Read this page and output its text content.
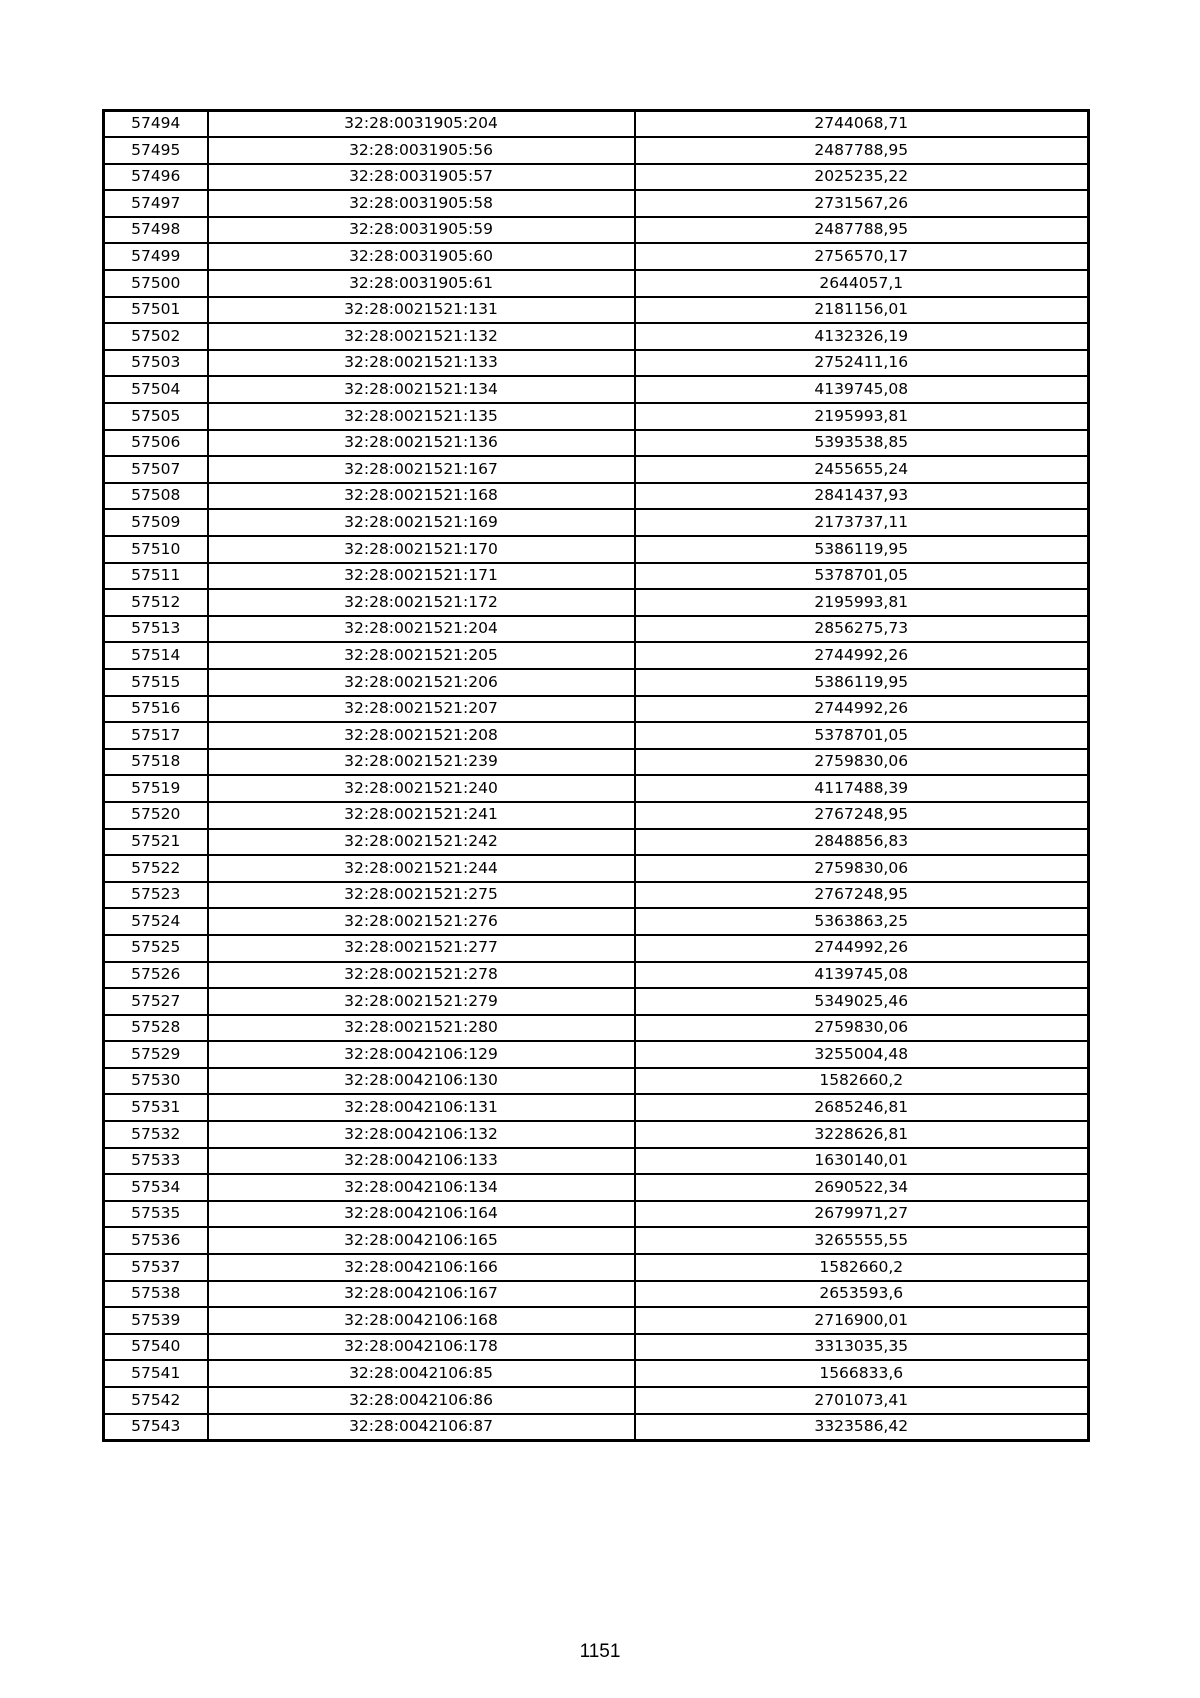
57494	32:28:0031905:204	2744068,71
57495	32:28:0031905:56	2487788,95
57496	32:28:0031905:57	2025235,22
57497	32:28:0031905:58	2731567,26
57498	32:28:0031905:59	2487788,95
57499	32:28:0031905:60	2756570,17
57500	32:28:0031905:61	2644057,1
57501	32:28:0021521:131	2181156,01
57502	32:28:0021521:132	4132326,19
57503	32:28:0021521:133	2752411,16
57504	32:28:0021521:134	4139745,08
57505	32:28:0021521:135	2195993,81
57506	32:28:0021521:136	5393538,85
57507	32:28:0021521:167	2455655,24
57508	32:28:0021521:168	2841437,93
57509	32:28:0021521:169	2173737,11
57510	32:28:0021521:170	5386119,95
57511	32:28:0021521:171	5378701,05
57512	32:28:0021521:172	2195993,81
57513	32:28:0021521:204	2856275,73
57514	32:28:0021521:205	2744992,26
57515	32:28:0021521:206	5386119,95
57516	32:28:0021521:207	2744992,26
57517	32:28:0021521:208	5378701,05
57518	32:28:0021521:239	2759830,06
57519	32:28:0021521:240	4117488,39
57520	32:28:0021521:241	2767248,95
57521	32:28:0021521:242	2848856,83
57522	32:28:0021521:244	2759830,06
57523	32:28:0021521:275	2767248,95
57524	32:28:0021521:276	5363863,25
57525	32:28:0021521:277	2744992,26
57526	32:28:0021521:278	4139745,08
57527	32:28:0021521:279	5349025,46
57528	32:28:0021521:280	2759830,06
57529	32:28:0042106:129	3255004,48
57530	32:28:0042106:130	1582660,2
57531	32:28:0042106:131	2685246,81
57532	32:28:0042106:132	3228626,81
57533	32:28:0042106:133	1630140,01
57534	32:28:0042106:134	2690522,34
57535	32:28:0042106:164	2679971,27
57536	32:28:0042106:165	3265555,55
57537	32:28:0042106:166	1582660,2
57538	32:28:0042106:167	2653593,6
57539	32:28:0042106:168	2716900,01
57540	32:28:0042106:178	3313035,35
57541	32:28:0042106:85	1566833,6
57542	32:28:0042106:86	2701073,41
57543	32:28:0042106:87	3323586,42
1151
